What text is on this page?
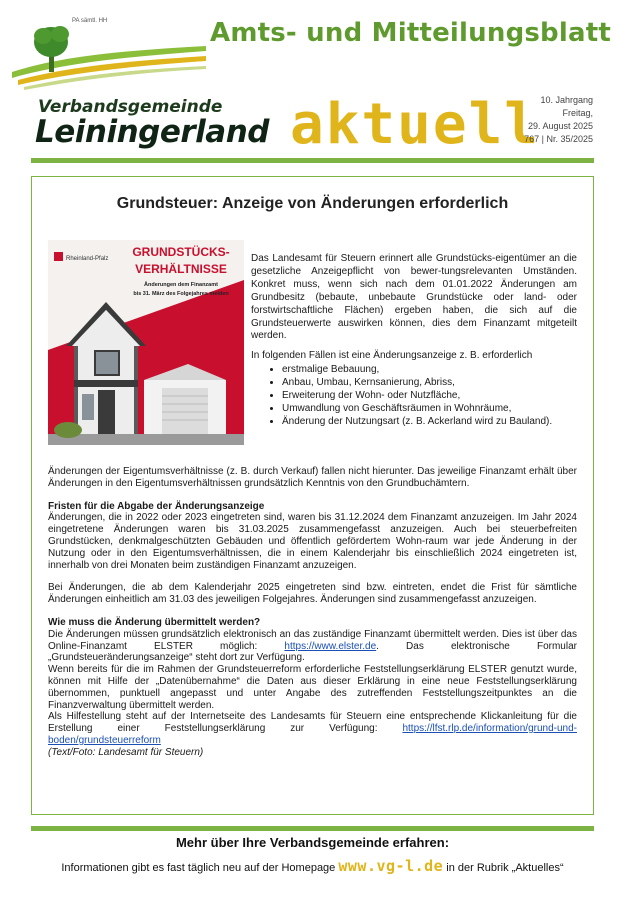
PA sämtl. HH	Amts- und Mitteilungsblatt
Verbandsgemeinde
Leiningerland aktuell 10. Jahrgang
Freitag,
29. August 2025
767 | Nr. 35/2025
Grundsteuer: Anzeige von Änderungen erforderlich
Rheinland-Pfalz GRUNDSTÜCKS-
VERHÄLTNISSE
Änderungen dem Finanzamt
bis 31. März des Folgejahres melden

Das Landesamt für Steuern erinnert alle Grundstücks-eigentümer an die gesetzliche Anzeigepflicht von bewer-tungsrelevanten Umständen. Konkret muss, wenn sich nach dem 01.01.2022 Änderungen am Grundbesitz (bebaute, unbebaute Grundstücke oder land- oder forstwirtschaftliche Flächen) ergeben haben, die sich auf die Grundsteuerwerte auswirken können, dies dem Finanzamt mitgeteilt werden.

In folgenden Fällen ist eine Änderungsanzeige z. B. erforderlich

• erstmalige Bebauung,
• Anbau, Umbau, Kernsanierung, Abriss,
• Erweiterung der Wohn- oder Nutzfläche,
• Umwandlung von Geschäftsräumen in Wohnräume,
• Änderung der Nutzungsart (z. B. Ackerland wird zu Bauland).

Änderungen der Eigentumsverhältnisse (z. B. durch Verkauf) fallen nicht hierunter. Das jeweilige Finanzamt erhält über Änderungen in den Eigentumsverhältnissen grundsätzlich Kenntnis von den Grundbuchämtern.

Fristen für die Abgabe der Änderungsanzeige
Änderungen, die in 2022 oder 2023 eingetreten sind, waren bis 31.12.2024 dem Finanzamt anzuzeigen. Im Jahr 2024 eingetretene Änderungen waren bis 31.03.2025 zusammengefasst anzuzeigen. Auch bei steuerbefreiten Grundstücken, denkmalgeschützten Gebäuden und öffentlich gefördertem Wohn-raum war jede Änderung in der Nutzung oder in den Eigentumsverhältnissen, die in einem Kalenderjahr bis einschließlich 2024 eingetreten ist, innerhalb von drei Monaten beim zuständigen Finanzamt anzuzeigen.

Bei Änderungen, die ab dem Kalenderjahr 2025 eingetreten sind bzw. eintreten, endet die Frist für sämtliche Änderungen einheitlich am 31.03 des jeweiligen Folgejahres. Änderungen sind zusammengefasst anzuzeigen.

Wie muss die Änderung übermittelt werden?
Die Änderungen müssen grundsätzlich elektronisch an das zuständige Finanzamt übermittelt werden. Dies ist über das Online-Finanzamt ELSTER möglich: https://www.elster.de. Das elektronische Formular „Grundsteueränderungsanzeige“ steht dort zur Verfügung.
Wenn bereits für die im Rahmen der Grundsteuerreform erforderliche Feststellungserklärung ELSTER genutzt wurde, können mit Hilfe der „Datenübernahme“ die Daten aus dieser Erklärung in eine neue Feststellungserklärung übernommen, punktuell angepasst und unter Angabe des zutreffenden Feststellungszeitpunktes an die Finanzverwaltung übermittelt werden.
Als Hilfestellung steht auf der Internetseite des Landesamts für Steuern eine entsprechende Klickanleitung für die Erstellung einer Feststellungserklärung zur Verfügung: https://lfst.rlp.de/information/grund-und-boden/grundsteuerreform
(Text/Foto: Landesamt für Steuern)

Mehr über Ihre Verbandsgemeinde erfahren:
Informationen gibt es fast täglich neu auf der Homepage www.vg-l.de in der Rubrik „Aktuelles“
